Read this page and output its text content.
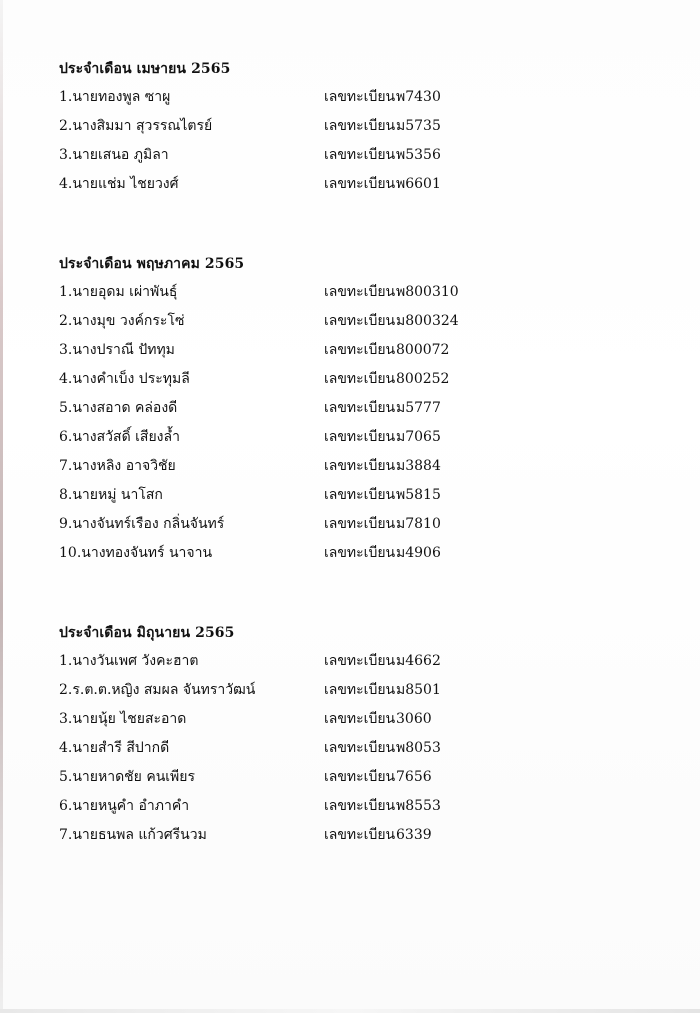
ประจำเดือน เมษายน 2565
1.นายทองพูล ซาผู	เลขทะเบียน พ7430
2.นางสิมมา สุวรรณไตรย์	เลขทะเบียน ม5735
3.นายเสนอ ภูมิลา	เลขทะเบียน พ5356
4.นายแช่ม ไชยวงศ์	เลขทะเบียน พ6601
ประจำเดือน พฤษภาคม 2565
1.นายอุดม เผ่าพันธุ์	เลขทะเบียน พ800310
2.นางมุข วงค์กระโซ่	เลขทะเบียน ม800324
3.นางปราณี ปัททุม	เลขทะเบียน 800072
4.นางคำเบ็ง ประทุมลี	เลขทะเบียน 800252
5.นางสอาด คล่องดี	เลขทะเบียน ม5777
6.นางสวัสดิ์ เสียงล้ำ	เลขทะเบียน ม7065
7.นางหลิง อาจวิชัย	เลขทะเบียน ม3884
8.นายหมู่ นาโสก	เลขทะเบียน พ5815
9.นางจันทร์เรือง กลิ่นจันทร์	เลขทะเบียน ม7810
10.นางทองจันทร์ นาจาน	เลขทะเบียน ม4906
ประจำเดือน มิถุนายน 2565
1.นางวันเพศ วังคะฮาต	เลขทะเบียน ม4662
2.ร.ต.ต.หญิง สมผล จันทราวัฒน์	เลขทะเบียน ม8501
3.นายนุ้ย ไชยสะอาด	เลขทะเบียน 3060
4.นายสำรี สีปากดี	เลขทะเบียน พ8053
5.นายหาดชัย คนเพียร	เลขทะเบียน 7656
6.นายหนูคำ อำภาคำ	เลขทะเบียน พ8553
7.นายธนพล แก้วศรีนวม	เลขทะเบียน 6339
